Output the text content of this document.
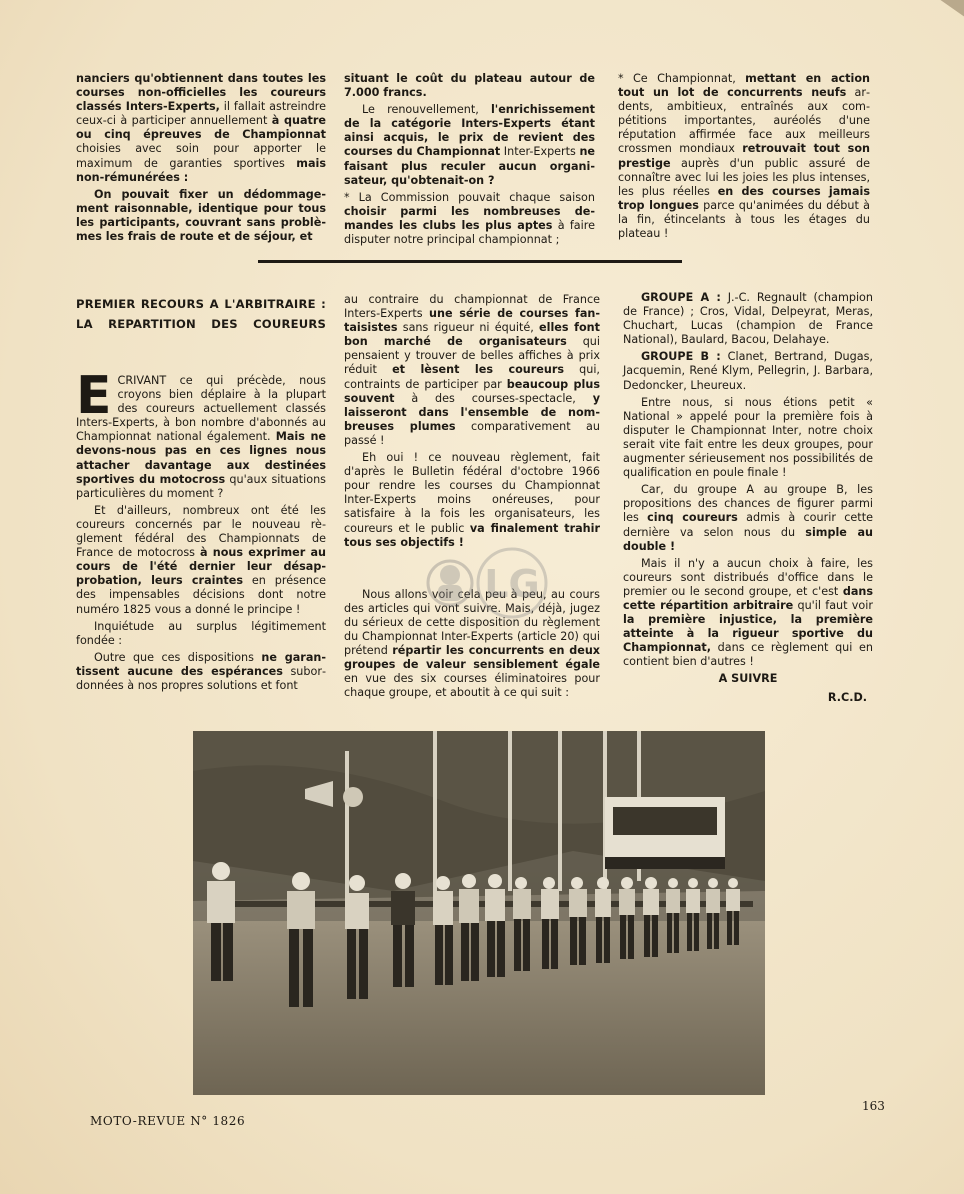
nanciers qu'obtiennent dans toutes les courses non-officielles les coureurs classés Inters-Experts, il fallait astreindre ceux-ci à participer annuellement à quatre ou cinq épreuves de Championnat choisies avec soin pour apporter le maximum de garanties sportives mais non-rémunérées :

On pouvait fixer un dédommagement raisonnable, identique pour tous les participants, couvrant sans problèmes les frais de route et de séjour, et

situant le coût du plateau autour de 7.000 francs.

Le renouvellement, l'enrichissement de la catégorie Inters-Experts étant ainsi acquis, le prix de revient des courses du Championnat Inter-Experts ne faisant plus reculer aucun organisateur, qu'obtenait-on ?

* La Commission pouvait chaque saison choisir parmi les nombreuses demandes les clubs les plus aptes à faire disputer notre principal championnat ;

* Ce Championnat, mettant en action tout un lot de concurrents neufs ardents, ambitieux, entraînés aux compétitions importantes, auréolés d'une réputation affirmée face aux meilleurs crossmen mondiaux retrouvait tout son prestige auprès d'un public assuré de connaître avec lui les joies les plus intenses, les plus réelles en des courses jamais trop longues parce qu'animées du début à la fin, étincelants à tous les étages du plateau !

PREMIER RECOURS A L'ARBITRAIRE :
LA REPARTITION DES COUREURS

ECRIVANT ce qui précède, nous croyons bien déplaire à la plupart des coureurs actuellement classés Inters-Experts, à bon nombre d'abonnés au Championnat national également. Mais ne devons-nous pas en ces lignes nous attacher davantage aux destinées sportives du motocross qu'aux situations particulières du moment ?

Et d'ailleurs, nombreux ont été les coureurs concernés par le nouveau règlement fédéral des Championnats de France de motocross à nous exprimer au cours de l'été dernier leur désapprobation, leurs craintes en présence des impensables décisions dont notre numéro 1825 vous a donné le principe !

Inquiétude au surplus légitimement fondée :

Outre que ces dispositions ne garantissent aucune des espérances subordonnées à nos propres solutions et font

au contraire du championnat de France Inters-Experts une série de courses fantaisistes sans rigueur ni équité, elles font bon marché de organisateurs qui pensaient y trouver de belles affiches à prix réduit et lèsent les coureurs qui, contraints de participer par beaucoup plus souvent à des courses-spectacle, y laisseront dans l'ensemble de nombreuses plumes comparativement au passé !

Eh oui ! ce nouveau règlement, fait d'après le Bulletin fédéral d'octobre 1966 pour rendre les courses du Championnat Inter-Experts moins onéreuses, pour satisfaire à la fois les organisateurs, les coureurs et le public va finalement trahir tous ses objectifs !

Nous allons voir cela peu à peu, au cours des articles qui vont suivre. Mais, déjà, jugez du sérieux de cette disposition du règlement du Championnat Inter-Experts (article 20) qui prétend répartir les concurrents en deux groupes de valeur sensiblement égale en vue des six courses éliminatoires pour chaque groupe, et aboutit à ce qui suit :

GROUPE A : J.-C. Regnault (champion de France) ; Cros, Vidal, Delpeyrat, Meras, Chuchart, Lucas (champion de France National), Baulard, Bacou, Delahaye.

GROUPE B : Clanet, Bertrand, Dugas, Jacquemin, René Klym, Pellegrin, J. Barbara, Dedoncker, Lheureux.

Entre nous, si nous étions petit « National » appelé pour la première fois à disputer le Championnat Inter, notre choix serait vite fait entre les deux groupes, pour augmenter sérieusement nos possibilités de qualification en poule finale !

Car, du groupe A au groupe B, les propositions des chances de figurer parmi les cinq coureurs admis à courir cette dernière va selon nous du simple au double !

Mais il n'y a aucun choix à faire, les coureurs sont distribués d'office dans le premier ou le second groupe, et c'est dans cette répartition arbitraire qu'il faut voir la première injustice, la première atteinte à la rigueur sportive du Championnat, dans ce règlement qui en contient bien d'autres !

A SUIVRE
R.C.D.
LG
MOTO-REVUE N° 1826
163
